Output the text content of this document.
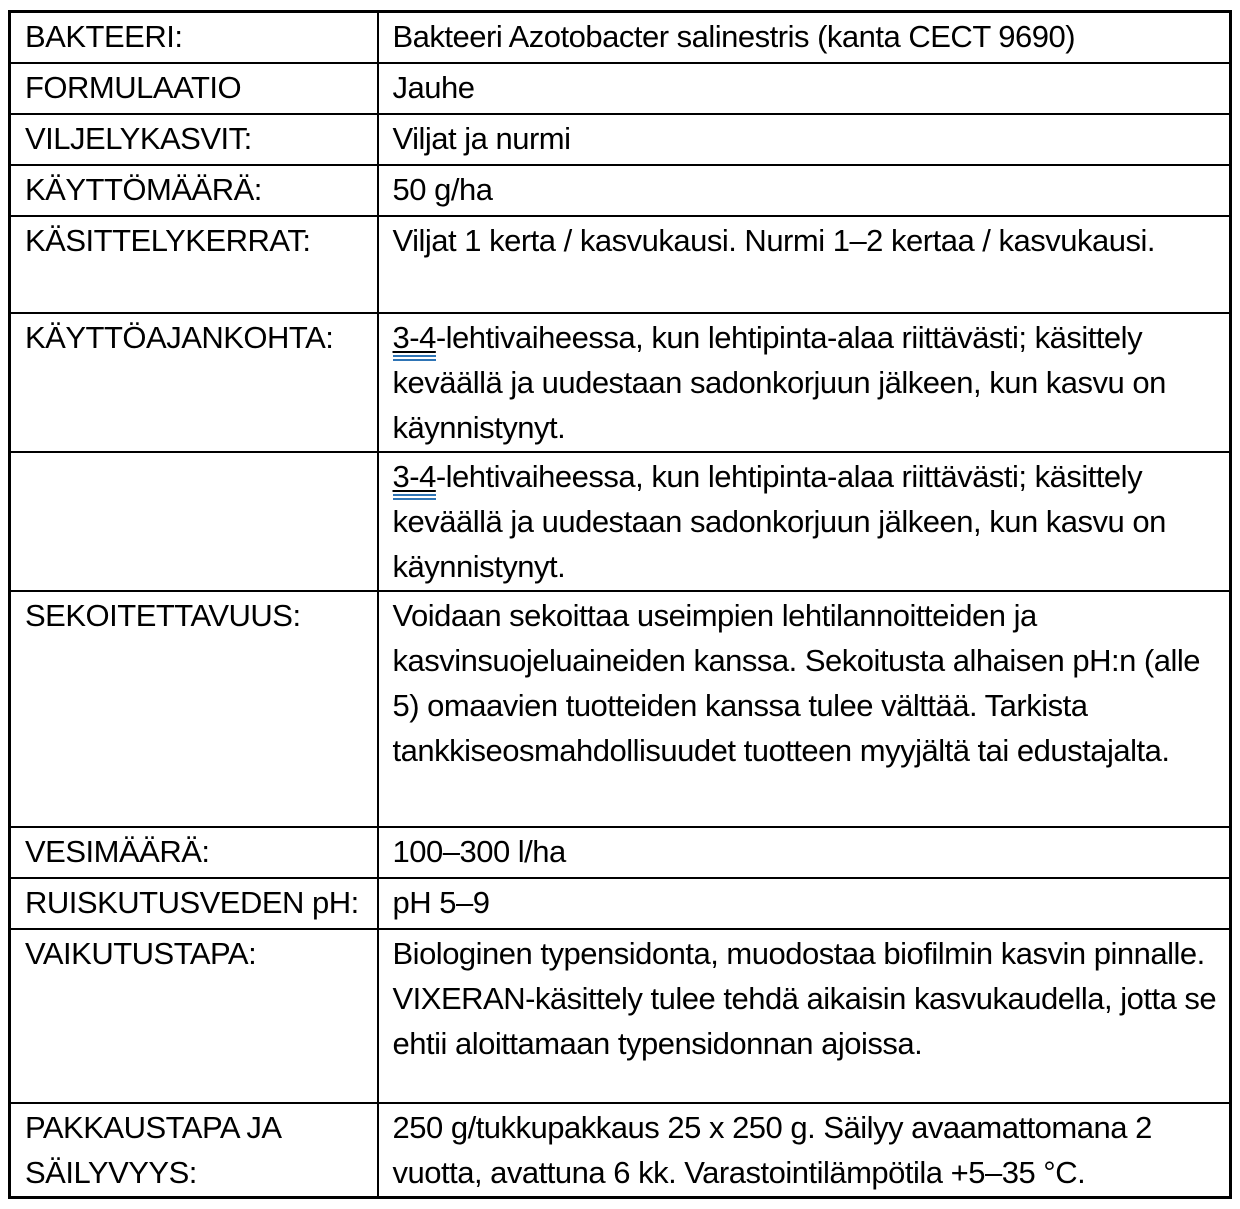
BAKTEERI:	Bakteeri Azotobacter salinestris (kanta CECT 9690)
FORMULAATIO	Jauhe
VILJELYKASVIT:	Viljat ja nurmi
KÄYTTÖMÄÄRÄ:	50 g/ha
KÄSITTELYKERRAT:	Viljat 1 kerta / kasvukausi. Nurmi 1–2 kertaa / kasvukausi.
KÄYTTÖAJANKOHTA:	3-4-lehtivaiheessa, kun lehtipinta-alaa riittävästi; käsittely keväällä ja uudestaan sadonkorjuun jälkeen, kun kasvu on käynnistynyt.
	3-4-lehtivaiheessa, kun lehtipinta-alaa riittävästi; käsittely keväällä ja uudestaan sadonkorjuun jälkeen, kun kasvu on käynnistynyt.
SEKOITETTAVUUS:	Voidaan sekoittaa useimpien lehtilannoitteiden ja kasvinsuojeluaineiden kanssa. Sekoitusta alhaisen pH:n (alle 5) omaavien tuotteiden kanssa tulee välttää. Tarkista tankkiseosmahdollisuudet tuotteen myyjältä tai edustajalta.
VESIMÄÄRÄ:	100–300 l/ha
RUISKUTUSVEDEN pH:	pH 5–9
VAIKUTUSTAPA:	Biologinen typensidonta, muodostaa biofilmin kasvin pinnalle. VIXERAN-käsittely tulee tehdä aikaisin kasvukaudella, jotta se ehtii aloittamaan typensidonnan ajoissa.
PAKKAUSTAPA JA SÄILYVYYS:	250 g/tukkupakkaus 25 x 250 g. Säilyy avaamattomana 2 vuotta, avattuna 6 kk. Varastointilämpötila +5–35 °C.
